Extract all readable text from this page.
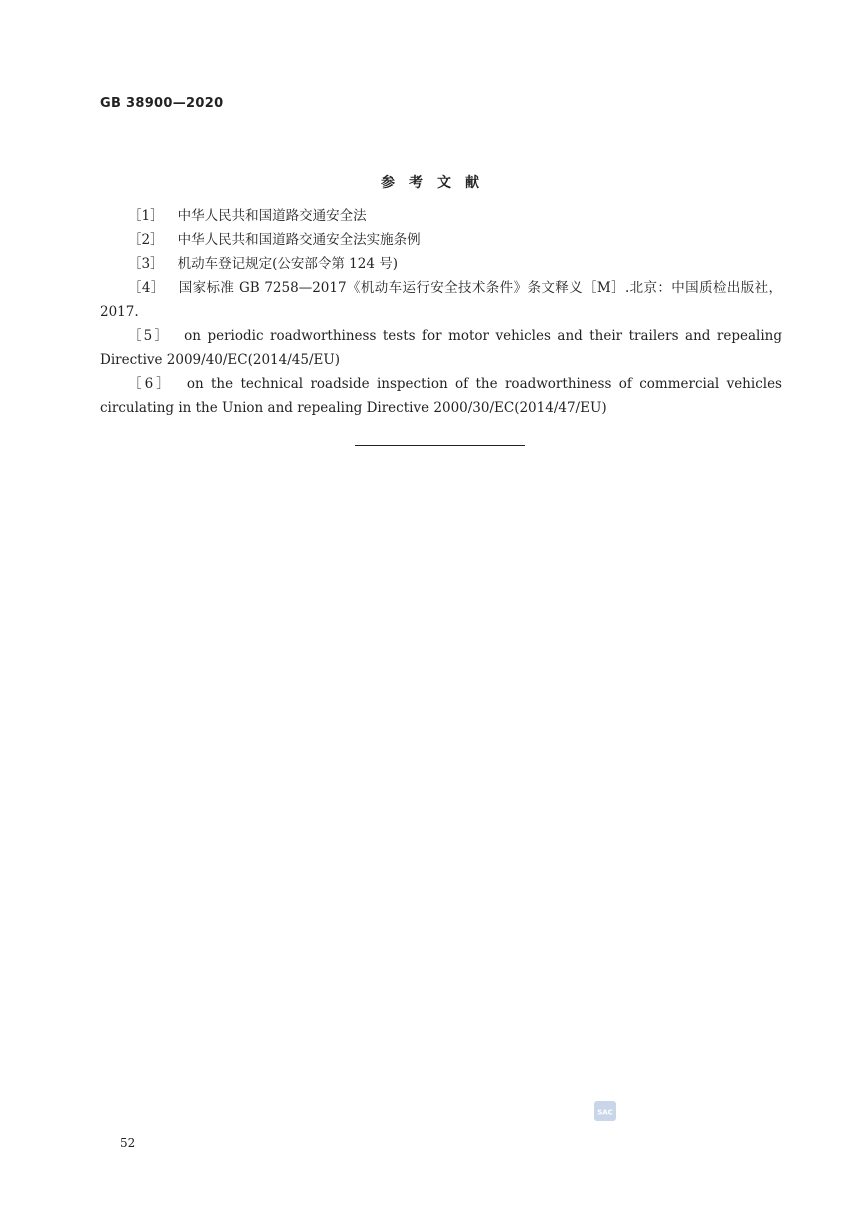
GB 38900—2020
参考文献
［1］ 中华人民共和国道路交通安全法
［2］ 中华人民共和国道路交通安全法实施条例
［3］ 机动车登记规定(公安部令第 124 号)
［4］ 国家标准 GB 7258—2017《机动车运行安全技术条件》条文释义［M］.北京：中国质检出版社，2017.
［5］ on periodic roadworthiness tests for motor vehicles and their trailers and repealing Directive 2009/40/EC(2014/45/EU)
［6］ on the technical roadside inspection of the roadworthiness of commercial vehicles circulating in the Union and repealing Directive 2000/30/EC(2014/47/EU)
SAC
52
